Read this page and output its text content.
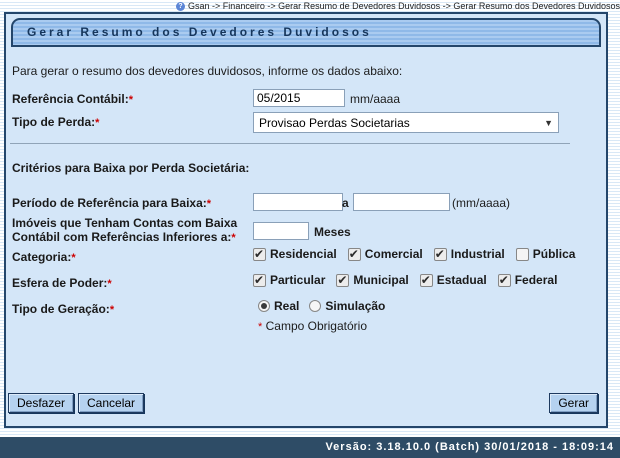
? Gsan -> Financeiro -> Gerar Resumo de Devedores Duvidosos -> Gerar Resumo dos Devedores Duvidosos
Gerar Resumo dos Devedores Duvidosos
Para gerar o resumo dos devedores duvidosos, informe os dados abaixo:
Referência Contábil:*
05/2015	mm/aaaa
Tipo de Perda:*	Provisao Perdas Societarias	▼
Critérios para Baixa por Perda Societária:
Período de Referência para Baixa:*	a	(mm/aaaa)
Imóveis que Tenham Contas com Baixa
Contábil com Referências Inferiores a:*	Meses
Categoria:*	Residencial Comercial Industrial Pública
Esfera de Poder:*	Particular Municipal Estadual Federal
Tipo de Geração:*	Real Simulação
* Campo Obrigatório
Desfazer	Cancelar	Gerar
Versão: 3.18.10.0 (Batch) 30/01/2018 - 18:09:14
